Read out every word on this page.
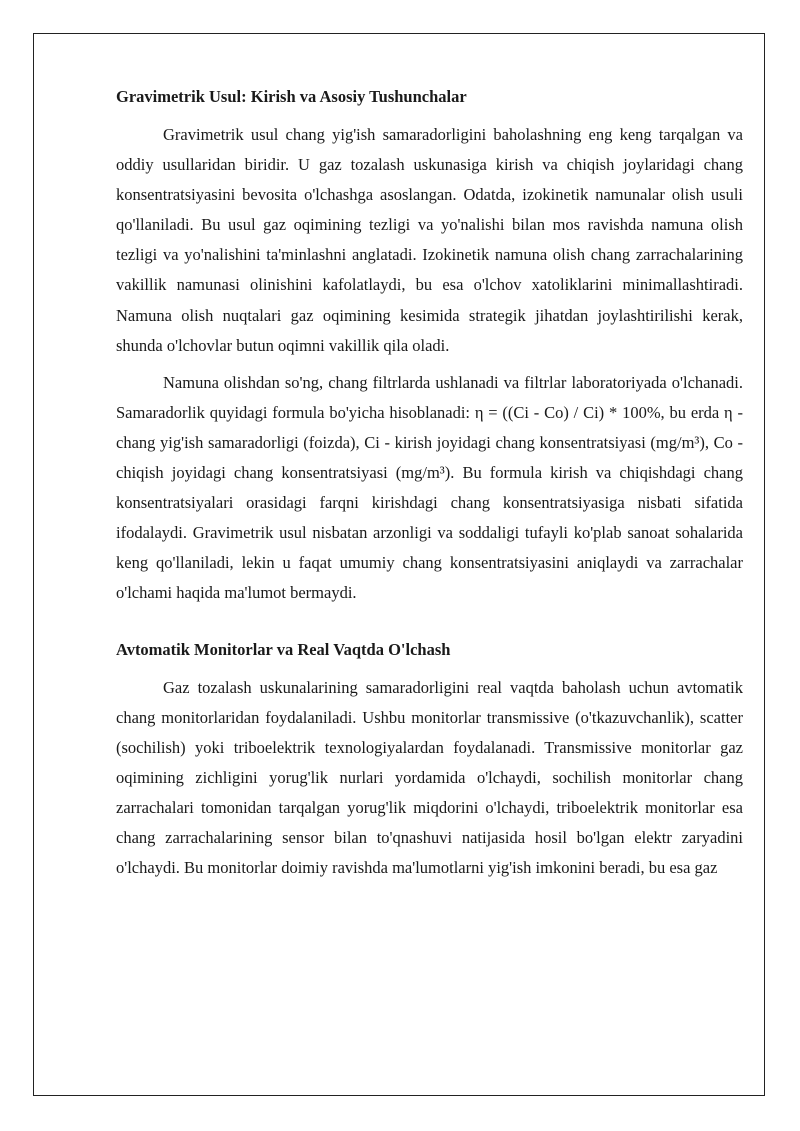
Gravimetrik Usul: Kirish va Asosiy Tushunchalar

Gravimetrik usul chang yig'ish samaradorligini baholashning eng keng tarqalgan va oddiy usullaridan biridir. U gaz tozalash uskunasiga kirish va chiqish joylaridagi chang konsentratsiyasini bevosita o'lchashga asoslangan. Odatda, izokinetik namunalar olish usuli qo'llaniladi. Bu usul gaz oqimining tezligi va yo'nalishi bilan mos ravishda namuna olish tezligi va yo'nalishini ta'minlashni anglatadi. Izokinetik namuna olish chang zarrachalarining vakillik namunasi olinishini kafolatlaydi, bu esa o'lchov xatoliklarini minimallashtiradi. Namuna olish nuqtalari gaz oqimining kesimida strategik jihatdan joylashtirilishi kerak, shunda o'lchovlar butun oqimni vakillik qila oladi.

Namuna olishdan so'ng, chang filtrlarda ushlanadi va filtrlar laboratoriyada o'lchanadi. Samaradorlik quyidagi formula bo'yicha hisoblanadi: η = ((Ci - Co) / Ci) * 100%, bu erda η - chang yig'ish samaradorligi (foizda), Ci - kirish joyidagi chang konsentratsiyasi (mg/m³), Co - chiqish joyidagi chang konsentratsiyasi (mg/m³). Bu formula kirish va chiqishdagi chang konsentratsiyalari orasidagi farqni kirishdagi chang konsentratsiyasiga nisbati sifatida ifodalaydi. Gravimetrik usul nisbatan arzonligi va soddaligi tufayli ko'plab sanoat sohalarida keng qo'llaniladi, lekin u faqat umumiy chang konsentratsiyasini aniqlaydi va zarrachalar o'lchami haqida ma'lumot bermaydi.

Avtomatik Monitorlar va Real Vaqtda O'lchash

Gaz tozalash uskunalarining samaradorligini real vaqtda baholash uchun avtomatik chang monitorlaridan foydalaniladi. Ushbu monitorlar transmissive (o'tkazuvchanlik), scatter (sochilish) yoki triboelektrik texnologiyalardan foydalanadi. Transmissive monitorlar gaz oqimining zichligini yorug'lik nurlari yordamida o'lchaydi, sochilish monitorlar chang zarrachalari tomonidan tarqalgan yorug'lik miqdorini o'lchaydi, triboelektrik monitorlar esa chang zarrachalarining sensor bilan to'qnashuvi natijasida hosil bo'lgan elektr zaryadini o'lchaydi. Bu monitorlar doimiy ravishda ma'lumotlarni yig'ish imkonini beradi, bu esa gaz
